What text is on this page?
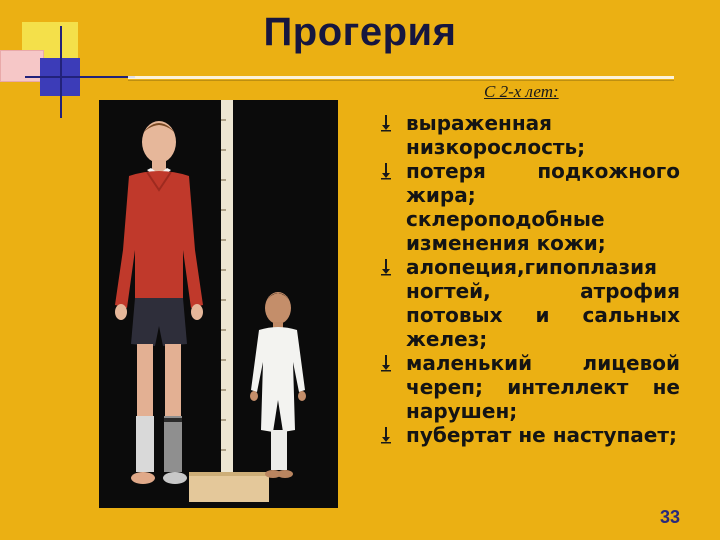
Прогерия
С 2-х лет:
выраженная низкорослость;
потеря подкожного жира; склероподобные изменения кожи;
алопеция,гипоплазия ногтей, атрофия потовых и сальных желез;
маленький лицевой череп; интеллект не нарушен;
пубертат не наступает;
33
